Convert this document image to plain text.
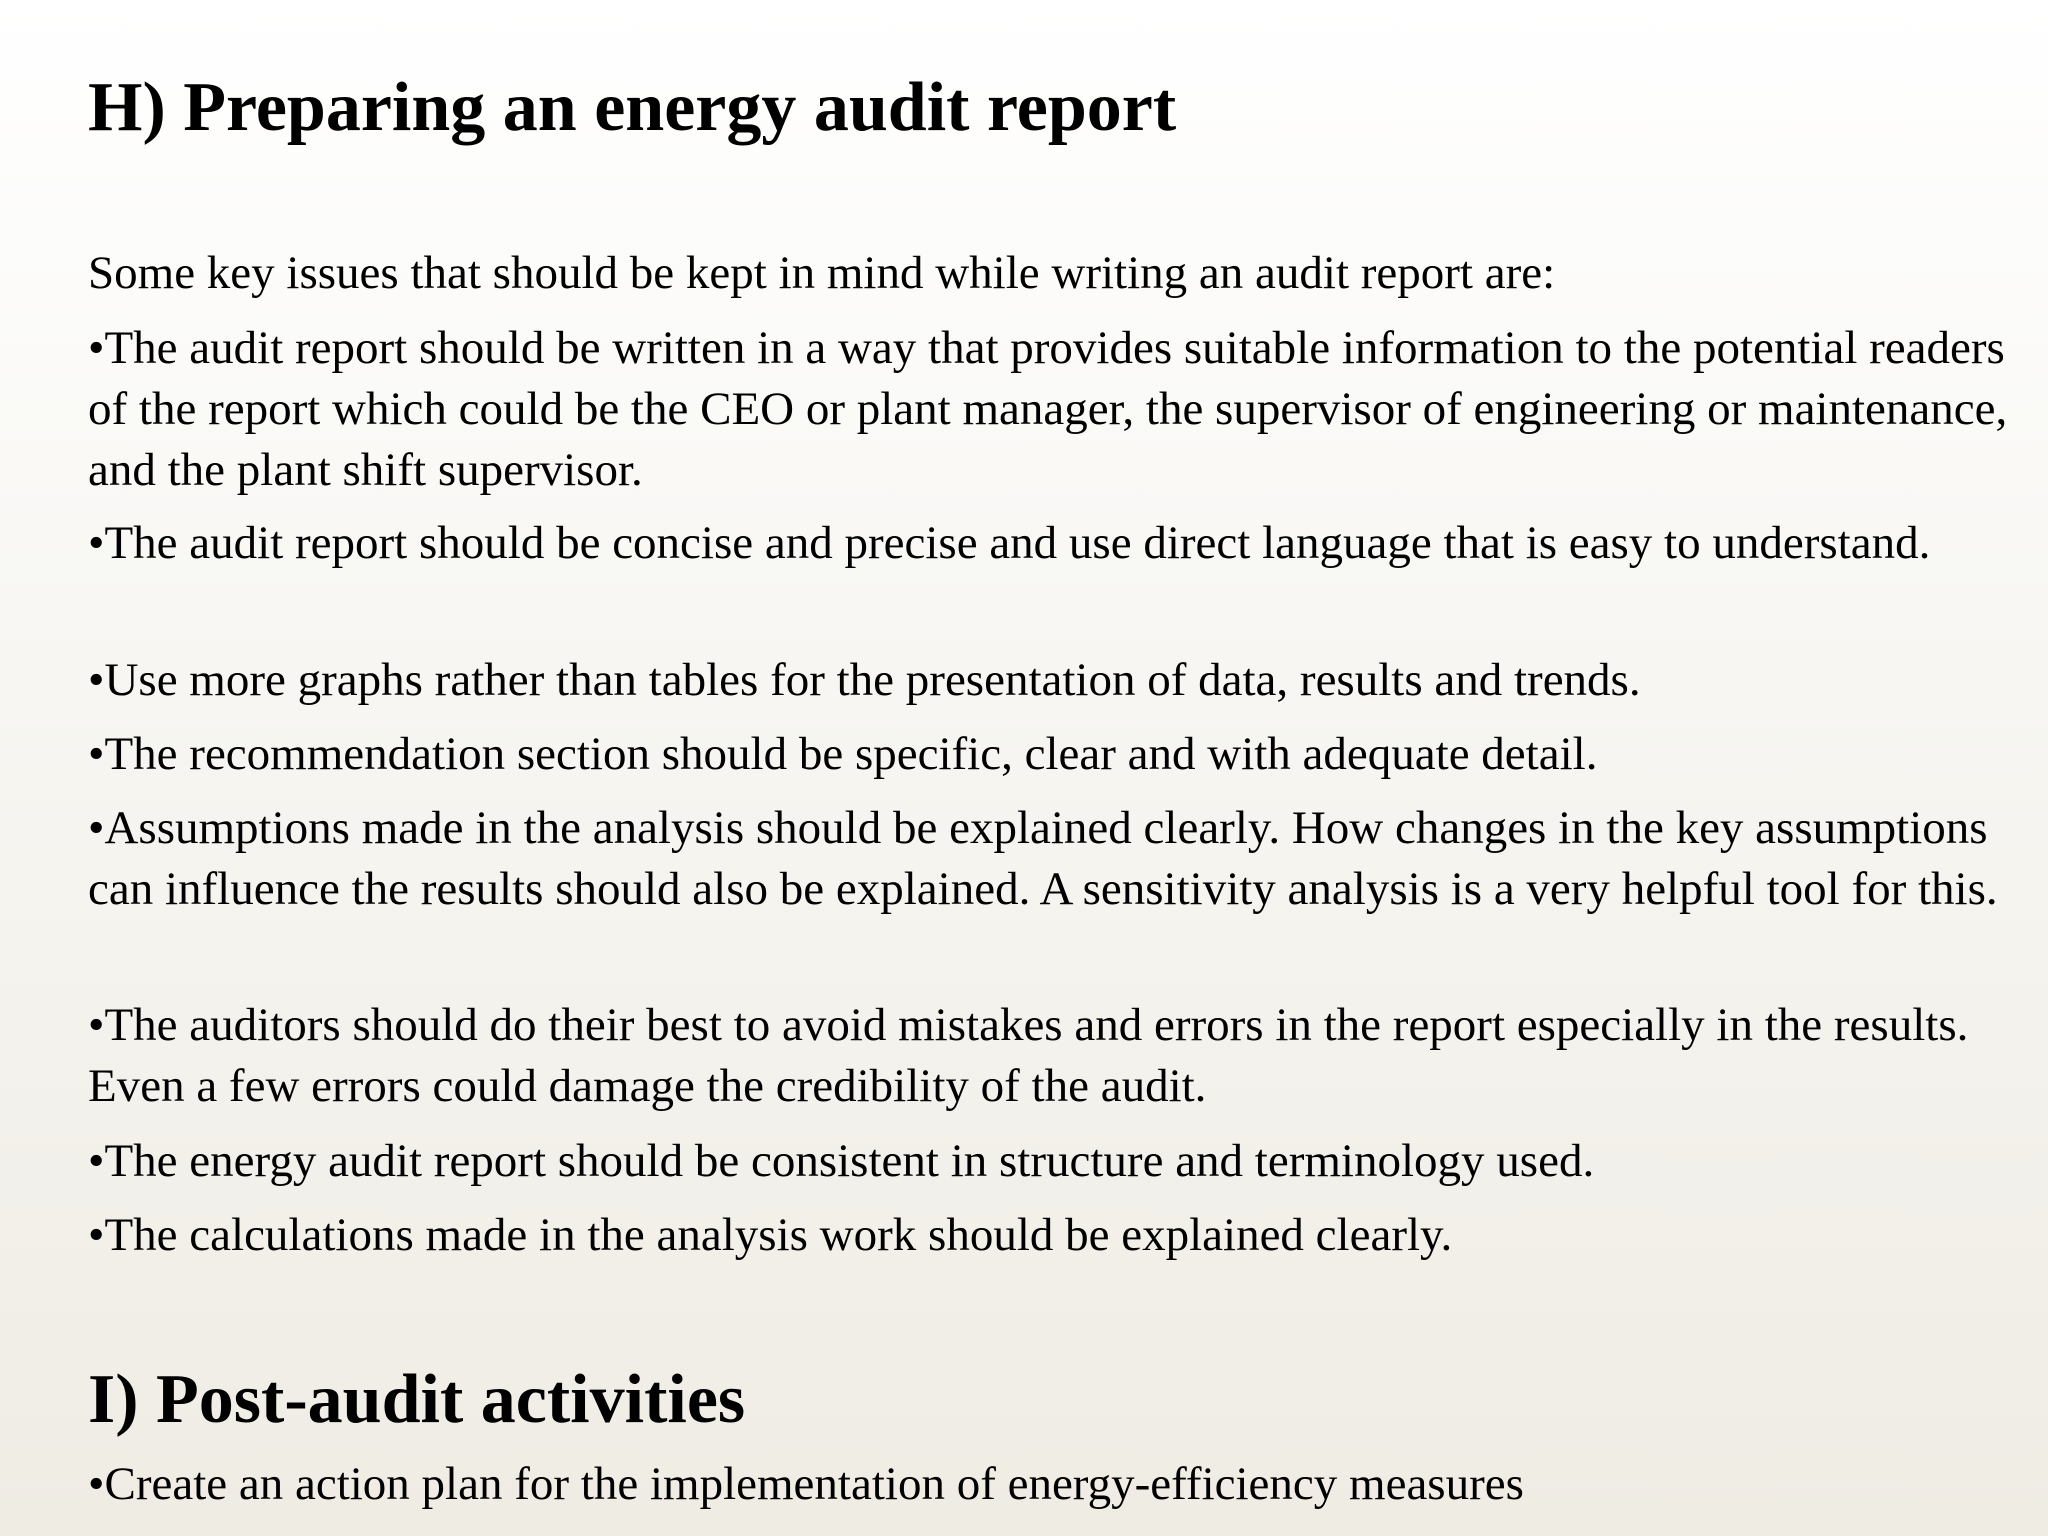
H) Preparing an energy audit report

Some key issues that should be kept in mind while writing an audit report are:

•The audit report should be written in a way that provides suitable information to the potential readers of the report which could be the CEO or plant manager, the supervisor of engineering or maintenance, and the plant shift supervisor.
•The audit report should be concise and precise and use direct language that is easy to understand.
•Use more graphs rather than tables for the presentation of data, results and trends.
•The recommendation section should be specific, clear and with adequate detail.
•Assumptions made in the analysis should be explained clearly. How changes in the key assumptions can influence the results should also be explained. A sensitivity analysis is a very helpful tool for this.
•The auditors should do their best to avoid mistakes and errors in the report especially in the results. Even a few errors could damage the credibility of the audit.
•The energy audit report should be consistent in structure and terminology used.
•The calculations made in the analysis work should be explained clearly.
I) Post-audit activities
•Create an action plan for the implementation of energy-efficiency measures
